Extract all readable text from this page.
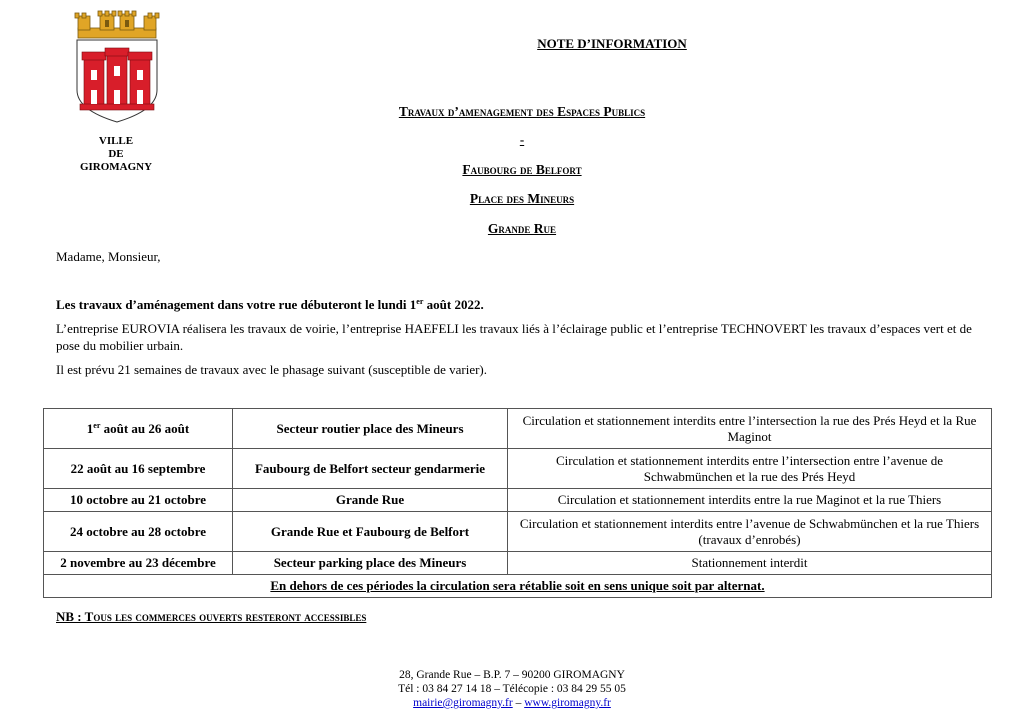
VILLE
DE
GIROMAGNY
NOTE D’INFORMATION
Travaux d’amenagement des Espaces Publics
-
Faubourg de Belfort
Place des Mineurs
Grande Rue
Madame, Monsieur,
Les travaux d’aménagement dans votre rue débuteront le lundi 1er août 2022.
L’entreprise EUROVIA réalisera les travaux de voirie, l’entreprise HAEFELI les travaux liés à l’éclairage public et l’entreprise TECHNOVERT les travaux d’espaces vert et de pose du mobilier urbain.
Il est prévu 21 semaines de travaux avec le phasage suivant (susceptible de varier).
1er août au 26 août	Secteur routier place des Mineurs	Circulation et stationnement interdits entre l’intersection la rue des Prés Heyd et la Rue Maginot
22 août au 16 septembre	Faubourg de Belfort secteur gendarmerie	Circulation et stationnement interdits entre l’intersection entre l’avenue de Schwabmünchen et la rue des Prés Heyd
10 octobre au 21 octobre	Grande Rue	Circulation et stationnement interdits entre la rue Maginot et la rue Thiers
24 octobre au 28 octobre	Grande Rue et Faubourg de Belfort	Circulation et stationnement interdits entre l’avenue de Schwabmünchen et la rue Thiers (travaux d’enrobés)
2 novembre au 23 décembre	Secteur parking place des Mineurs	Stationnement interdit
En dehors de ces périodes la circulation sera rétablie soit en sens unique soit par alternat.		
NB : Tous les commerces ouverts resteront accessibles
28, Grande Rue – B.P. 7 – 90200 GIROMAGNY
Tél : 03 84 27 14 18 – Télécopie : 03 84 29 55 05
mairie@giromagny.fr – www.giromagny.fr
